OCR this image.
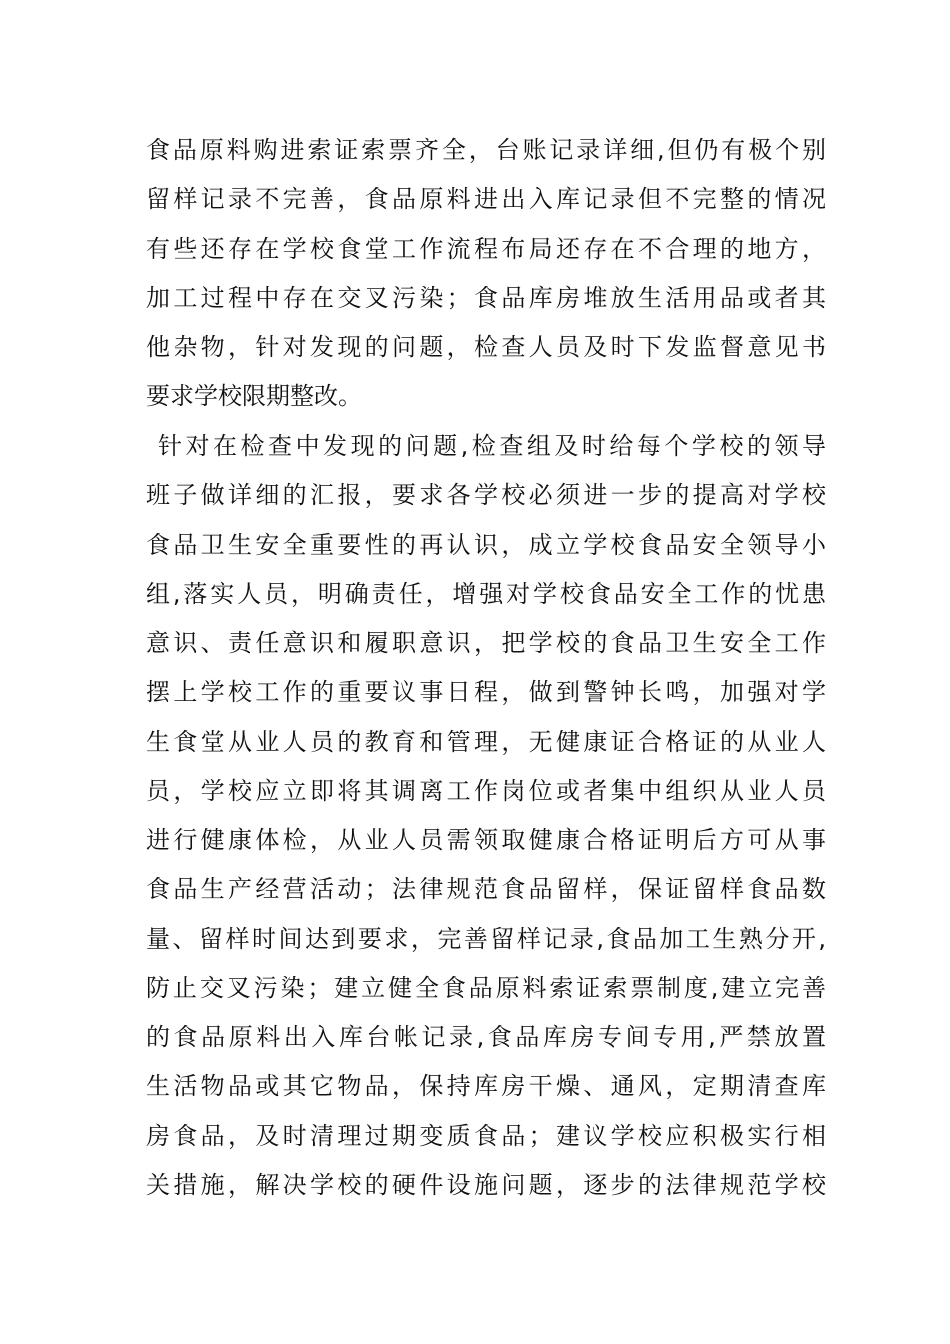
食品原料购进索证索票齐全，台账记录详细,但仍有极个别
留样记录不完善，食品原料进出入库记录但不完整的情况
有些还存在学校食堂工作流程布局还存在不合理的地方，
加工过程中存在交叉污染；食品库房堆放生活用品或者其
他杂物，针对发现的问题，检查人员及时下发监督意见书
要求学校限期整改。
针对在检查中发现的问题,检查组及时给每个学校的领导
班子做详细的汇报，要求各学校必须进一步的提高对学校
食品卫生安全重要性的再认识，成立学校食品安全领导小
组,落实人员，明确责任，增强对学校食品安全工作的忧患
意识、责任意识和履职意识，把学校的食品卫生安全工作
摆上学校工作的重要议事日程，做到警钟长鸣，加强对学
生食堂从业人员的教育和管理，无健康证合格证的从业人
员，学校应立即将其调离工作岗位或者集中组织从业人员
进行健康体检，从业人员需领取健康合格证明后方可从事
食品生产经营活动；法律规范食品留样，保证留样食品数
量、留样时间达到要求，完善留样记录,食品加工生熟分开,
防止交叉污染；建立健全食品原料索证索票制度,建立完善
的食品原料出入库台帐记录,食品库房专间专用,严禁放置
生活物品或其它物品，保持库房干燥、通风，定期清查库
房食品，及时清理过期变质食品；建议学校应积极实行相
关措施，解决学校的硬件设施问题，逐步的法律规范学校
